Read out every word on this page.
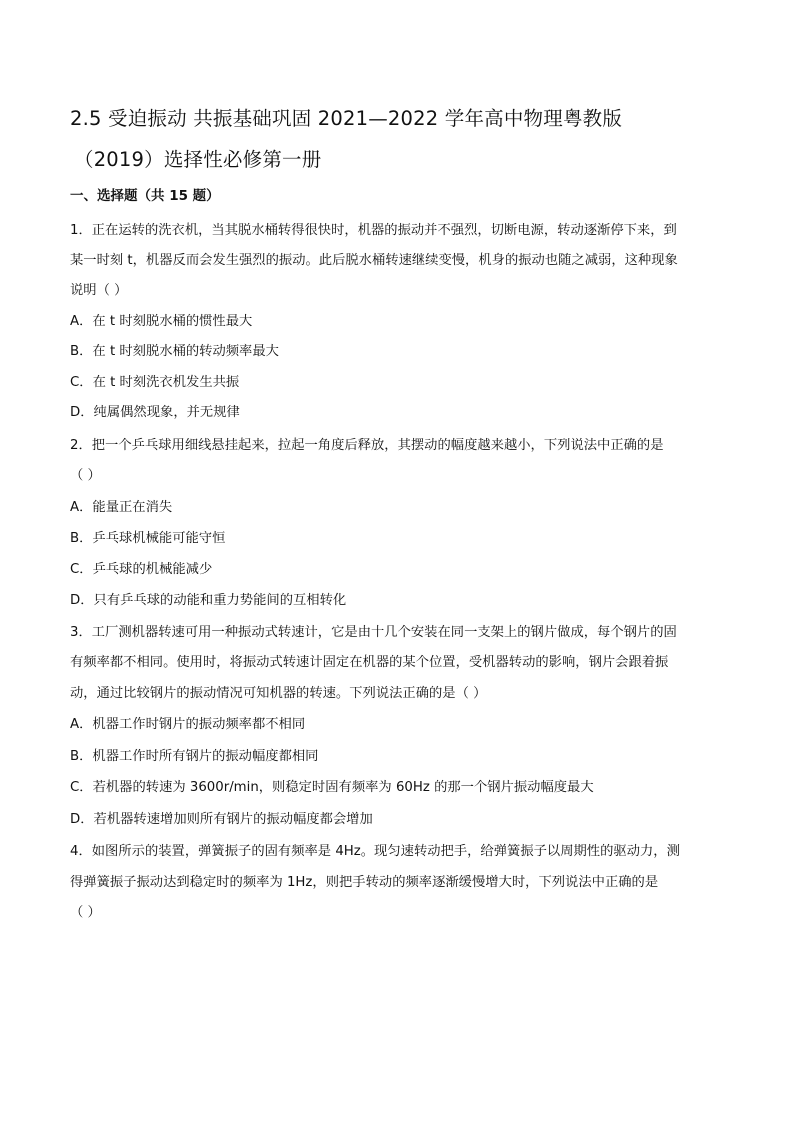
2.5 受迫振动 共振基础巩固 2021—2022 学年高中物理粤教版
（2019）选择性必修第一册
一、选择题（共 15 题）
1．正在运转的洗衣机，当其脱水桶转得很快时，机器的振动并不强烈，切断电源，转动逐渐停下来，到
某一时刻 t，机器反而会发生强烈的振动。此后脱水桶转速继续变慢，机身的振动也随之减弱，这种现象
说明（ ）
A．在 t 时刻脱水桶的惯性最大
B．在 t 时刻脱水桶的转动频率最大
C．在 t 时刻洗衣机发生共振
D．纯属偶然现象，并无规律
2．把一个乒乓球用细线悬挂起来，拉起一角度后释放，其摆动的幅度越来越小，下列说法中正确的是
（ ）
A．能量正在消失
B．乒乓球机械能可能守恒
C．乒乓球的机械能减少
D．只有乒乓球的动能和重力势能间的互相转化
3．工厂测机器转速可用一种振动式转速计，它是由十几个安装在同一支架上的钢片做成，每个钢片的固
有频率都不相同。使用时，将振动式转速计固定在机器的某个位置，受机器转动的影响，钢片会跟着振
动，通过比较钢片的振动情况可知机器的转速。下列说法正确的是（ ）
A．机器工作时钢片的振动频率都不相同
B．机器工作时所有钢片的振动幅度都相同
C．若机器的转速为 3600r/min，则稳定时固有频率为 60Hz 的那一个钢片振动幅度最大
D．若机器转速增加则所有钢片的振动幅度都会增加
4．如图所示的装置，弹簧振子的固有频率是 4Hz。现匀速转动把手，给弹簧振子以周期性的驱动力，测
得弹簧振子振动达到稳定时的频率为 1Hz，则把手转动的频率逐渐缓慢增大时，下列说法中正确的是
（ ）
